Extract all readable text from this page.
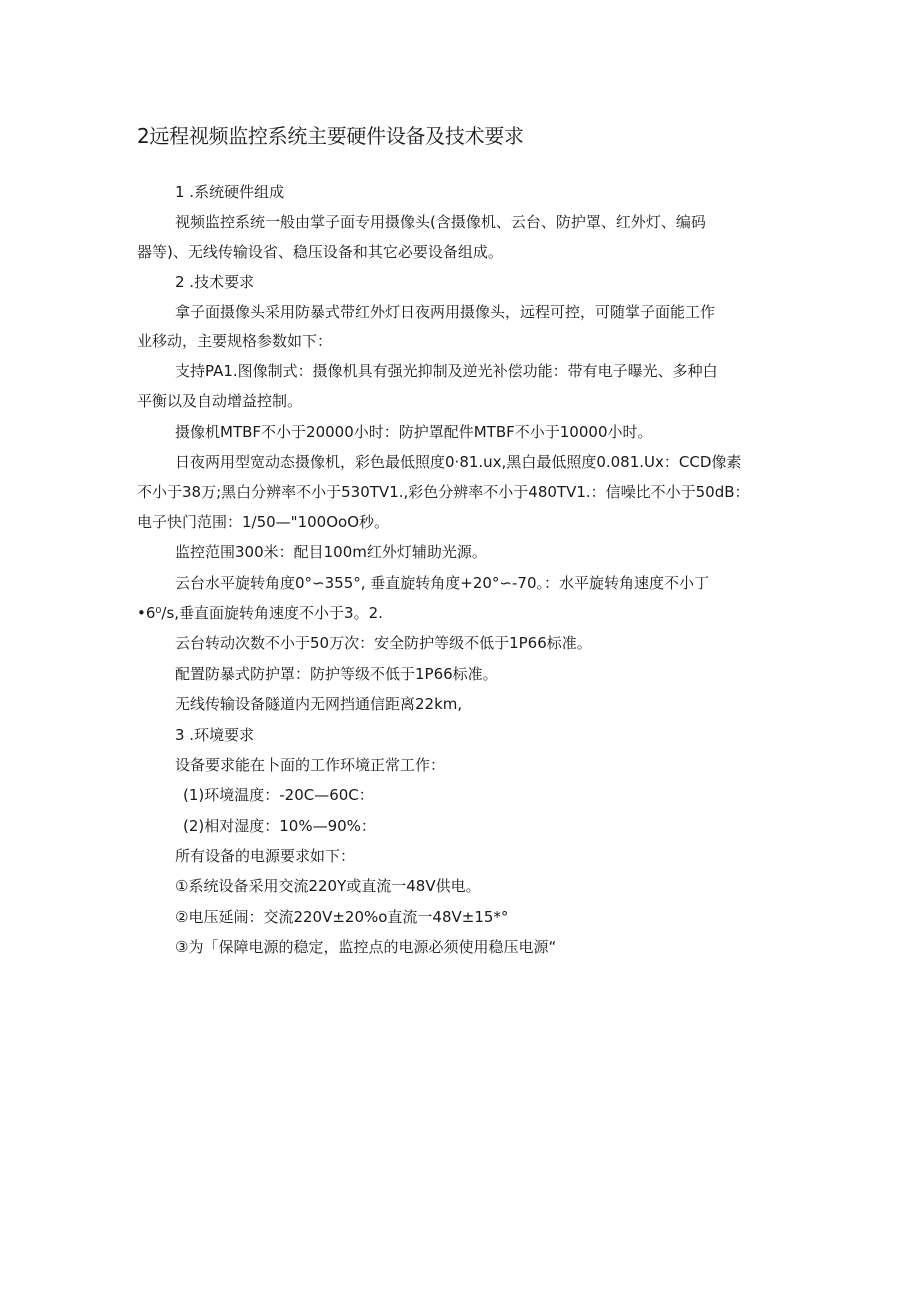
2远程视频监控系统主要硬件设备及技术要求

1 .系统硬件组成

视频监控系统一般由掌子面专用摄像头(含摄像机、云台、防护罩、红外灯、编码

器等)、无线传输设省、稳压设备和其它必要设备组成。

2 .技术要求

拿子面摄像头采用防暴式带红外灯日夜两用摄像头，远程可控，可随掌子面能工作

业移动，主要规格参数如下：

支持PA1.图像制式：摄像机具有强光抑制及逆光补偿功能：带有电子曝光、多种白

平衡以及自动增益控制。

摄像机MTBF不小于20000小时：防护罩配件MTBF不小于10000小时。

日夜两用型宽动态摄像机，彩色最低照度0·81.ux,黑白最低照度0.081.Ux：CCD像素

不小于38万;黑白分辨率不小于530TV1.,彩色分辨率不小于480TV1.：信噪比不小于50dB：

电子快门范围：1/50—"100OoO秒。

监控范围300米：配目100m红外灯辅助光源。

云台水平旋转角度0°∽355°, 垂直旋转角度+20°∽-70。：水平旋转角速度不小丁

•6⁰/s,垂直面旋转角速度不小于3。2.

云台转动次数不小于50万次：安全防护等级不低于1P66标准。

配置防暴式防护罩：防护等级不低于1P66标准。

无线传输设备隧道内无网挡通信距离22km,

3 .环境要求

设备要求能在卜面的工作环境正常工作：

(1)环境温度：-20C—60C：

(2)相对湿度：10%—90%：

所有设备的电源要求如下：

①系统设备采用交流220Y或直流一48V供电。

②电压延闹：交流220V±20%o直流一48V±15*°

③为「保障电源的稳定，监控点的电源必须使用稳压电源“
